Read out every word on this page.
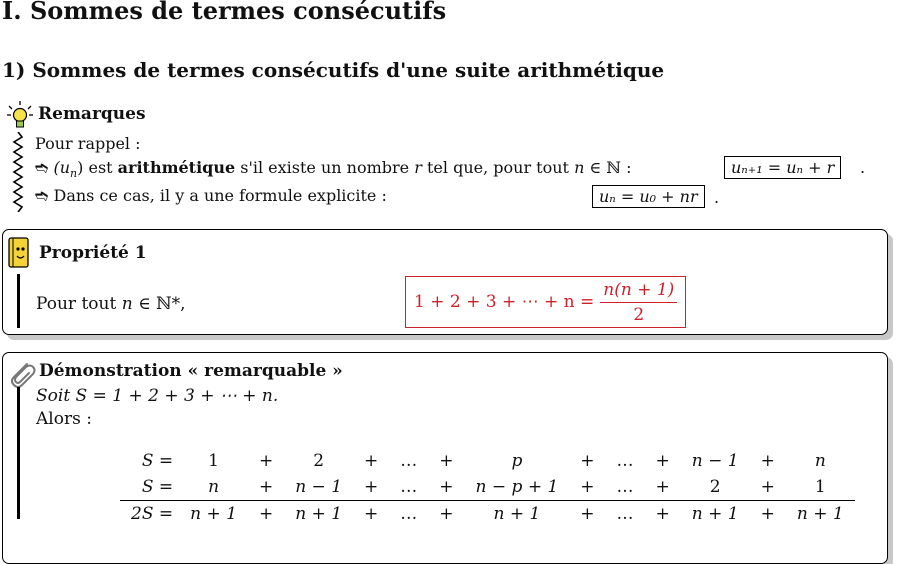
I. Sommes de termes consécutifs
1) Sommes de termes consécutifs d'une suite arithmétique
Remarques
Pour rappel :
➬ $(u_n)$ est arithmétique s'il existe un nombre r tel que, pour tout n ∈ ℕ :	uₙ₊₁ = uₙ + r	.
➬ Dans ce cas, il y a une formule explicite :	uₙ = u₀ + nr	.
Propriété 1
Pour tout n ∈ ℕ*,	1 + 2 + 3 + ⋯ + $n = \frac{n(n + 1)}{2}$
Démonstration « remarquable »
Soit S = 1 + 2 + 3 + ⋯ + n.
Alors :
S =	1	+	2	+	…	+	p	+	…	+	n − 1	+	n
S =	n	+	n − 1	+	…	+	n − p + 1	+	…	+	2	+	1
2S =	n + 1	+	n + 1	+	…	+	n + 1	+	…	+	n + 1	+	n + 1
